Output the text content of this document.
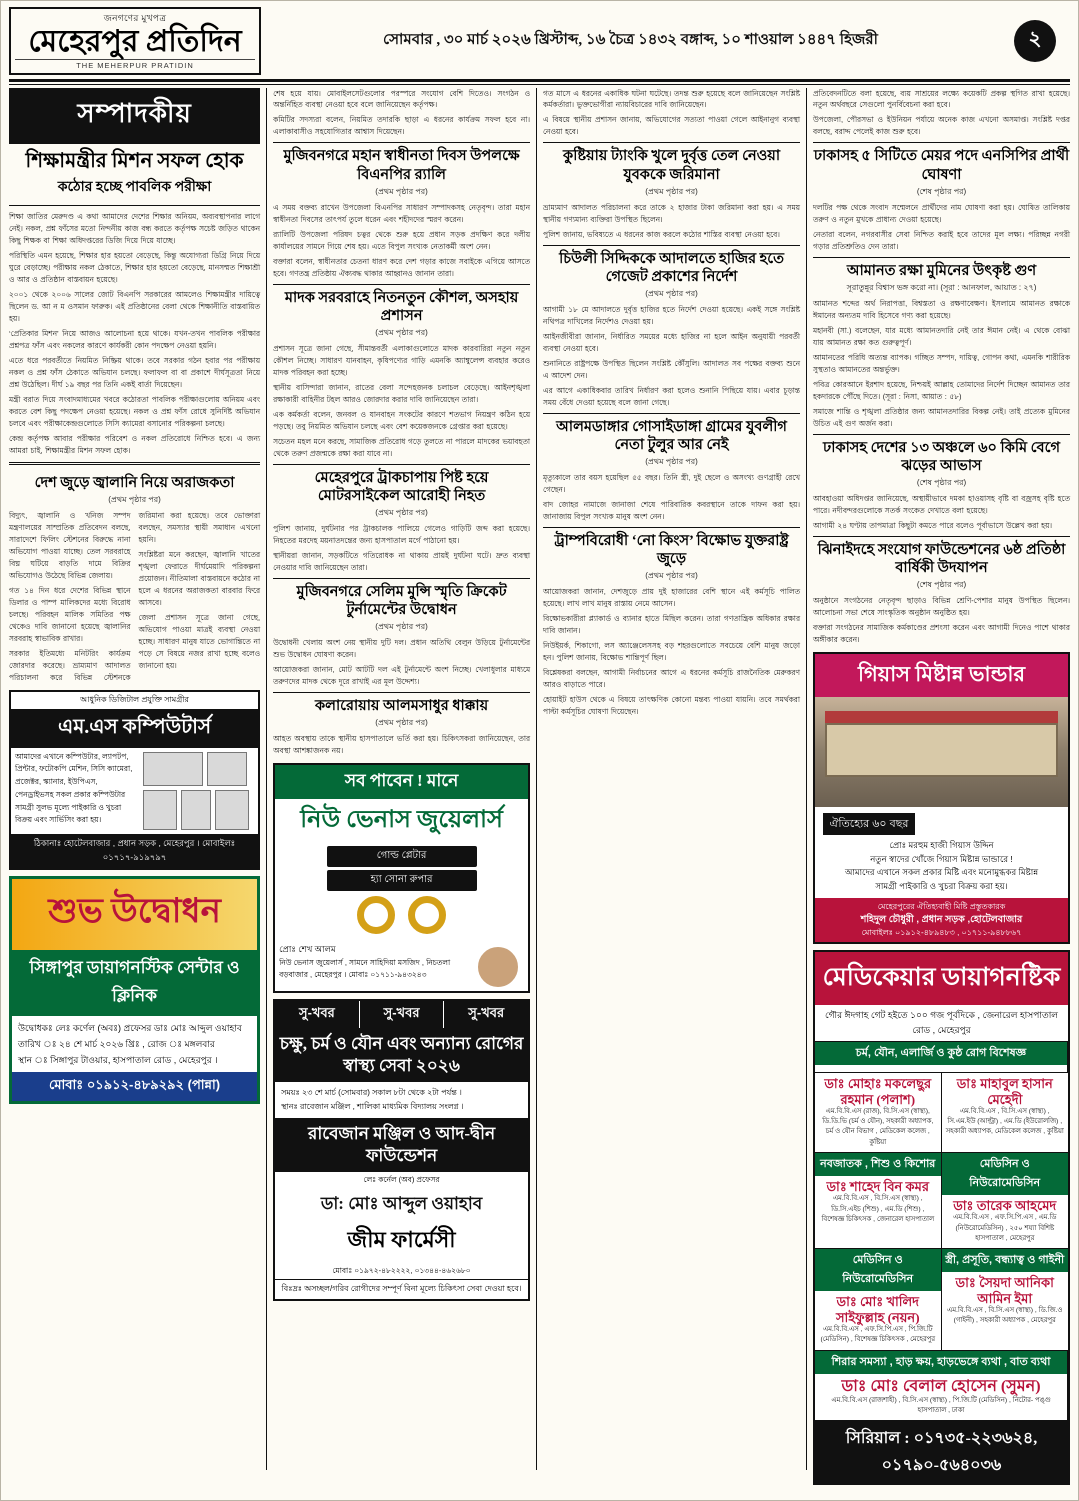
জনগণের মুখপত্র
মেহেরপুর প্রতিদিন
THE MEHERPUR PRATIDIN
সোমবার , ৩০ মার্চ ২০২৬ খ্রিস্টাব্দ, ১৬ চৈত্র ১৪৩২ বঙ্গাব্দ, ১০ শাওয়াল ১৪৪৭ হিজরী	২
সম্পাদকীয়
শিক্ষামন্ত্রীর মিশন সফল হোক
কঠোর হচ্ছে পাবলিক পরীক্ষা

শিক্ষা জাতির মেরুদণ্ড এ কথা আমাদের দেশের শিক্ষার অনিয়ম, অব্যবস্থাপনার লাগে নেই। নকল, প্রশ্ন ফাঁসের মতো নিন্দনীয় কাজ বন্ধ করতে কর্তৃপক্ষ সচেষ্ট জড়িত থাকেন কিছু শিক্ষক বা শিক্ষা অধিদপ্তরের ডিজি দিয়ে দিয়ে যাচ্ছে।

পরিস্থিতি এমন হয়েছে, শিক্ষার হার হয়তো বেড়েছে, কিন্তু অযোগ্যরা ডিগ্রি নিয়ে দিয়ে ঘুরে বেড়াচ্ছে। পরীক্ষায় নকল ঠেকাতে, শিক্ষার হার হয়তো বেড়েছে, মানসম্মত শিক্ষাশ্রী ও আর ও প্রতিষ্ঠান বাস্তবায়ন হয়েছে।

২০০১ থেকে ২০০৬ সালের জোট বিএনপি সরকারের আমলেও শিক্ষামন্ত্রীর দায়িত্বে ছিলেন ড. আ ন ম ওসমান ফারুক। এই প্রতিষ্ঠানের বেলা থেকে শিক্ষানীতি বাস্তবায়িত হয়।

‘প্রেতিকার মিশন’ নিয়ে আজও আলোচনা হয়ে থাকে। যখন-তখন পাবলিক পরীক্ষার প্রশ্নপত্র ফাঁস এবং নকলের কারণে কার্যকরী কোন পদক্ষেপ নেওয়া হয়নি।

এতে ধরে পরবর্তীতে নিয়মিত নিষ্ক্রিয় থাকে। তবে সরকার গঠন হবার পর পরীক্ষায় নকল ও প্রশ্ন ফাঁস ঠেকাতে অভিযান চলছে। ফলাফল বা বা প্রকাশে দীর্ঘসূত্রতা নিয়ে প্রশ্ন উঠেছিল। দীর্ঘ ১৯ বছর পর তিনি একই বার্তা দিয়েছেন।

মন্ত্রী বরাত দিয়ে সংবাদমাধ্যমের খবরে কঠোরতা পাবলিক পরীক্ষাগুলোয় অনিয়ম এবং করতে বেশ কিছু পদক্ষেপ নেওয়া হয়েছে। নকল ও প্রশ্ন ফাঁস রোধে সুনির্দিষ্ট অভিযান চলবে এবং পরীক্ষাকেন্দ্রগুলোতে সিসি ক্যামেরা বসানোর পরিকল্পনা চলছে।

কেন্দ্র কর্তৃপক্ষ আবার পরীক্ষার পরিবেশ ও নকল প্রতিরোধে নিশ্চিত হবে। এ জন্য আমরা চাই, শিক্ষামন্ত্রীর মিশন সফল হোক।

দেশ জুড়ে জ্বালানি নিয়ে অরাজকতা
(প্রথম পৃষ্ঠার পর)

বিদ্যুৎ, জ্বালানি ও খনিজ সম্পদ মন্ত্রণালয়ের সাম্প্রতিক প্রতিবেদন বলছে, সারাদেশে ফিলিং স্টেশনের বিরুদ্ধে নানা অভিযোগ পাওয়া যাচ্ছে। তেল সরবরাহে বিঘ্ন ঘটিয়ে বাড়তি দামে বিক্রির অভিযোগও উঠেছে বিভিন্ন জেলায়।

গত ১৪ দিন ধরে দেশের বিভিন্ন স্থানে ডিলার ও পাম্প মালিকদের মধ্যে বিরোধ চলছে। পরিবহন মালিক সমিতির পক্ষ থেকেও দাবি জানানো হয়েছে জ্বালানির সরবরাহ স্বাভাবিক রাখার।

সরকার ইতিমধ্যে মনিটরিং কার্যক্রম জোরদার করেছে। ভ্রাম্যমাণ আদালত পরিচালনা করে বিভিন্ন স্টেশনকে জরিমানা করা হয়েছে। তবে ভোক্তারা বলছেন, সমস্যার স্থায়ী সমাধান এখনো হয়নি।

সংশ্লিষ্টরা মনে করছেন, জ্বালানি খাতের শৃঙ্খলা ফেরাতে দীর্ঘমেয়াদি পরিকল্পনা প্রয়োজন। নীতিমালা বাস্তবায়নে কঠোর না হলে এ ধরনের অরাজকতা বারবার ফিরে আসবে।

জেলা প্রশাসন সূত্রে জানা গেছে, অভিযোগ পাওয়া মাত্রই ব্যবস্থা নেওয়া হচ্ছে। সাধারণ মানুষ যাতে ভোগান্তিতে না পড়ে সে বিষয়ে নজর রাখা হচ্ছে বলেও জানানো হয়।

আধুনিক ডিজিটাল প্রযুক্তি সামগ্রীর
এম.এস কম্পিউটার্স
আমাদের এখানে কম্পিউটার, ল্যাপটপ, প্রিন্টার, ফটোকপি মেশিন, সিসি ক্যামেরা, প্রজেক্টর, স্ক্যানার, ইউপিএস, পেনড্রাইভসহ সকল প্রকার কম্পিউটার সামগ্রী সুলভ মূল্যে পাইকারি ও খুচরা বিক্রয় এবং সার্ভিসিং করা হয়।
ঠিকানাঃ হোটেলবাজার , প্রধান সড়ক , মেহেরপুর । মোবাইলঃ ০১৭১৭-৯১৯৭৯৭
শুভ উদ্বোধন
সিঙ্গাপুর ডায়াগনস্টিক সেন্টার ও ক্লিনিক
উদ্বোধকঃ লেঃ কর্ণেল (অবঃ) প্রফেসর ডাঃ মোঃ আব্দুল ওয়াহাব
তারিখ ঃ ২৪ শে মার্চ ২০২৬ খ্রিঃ , রোজ ঃ মঙ্গলবার
স্থান ঃ সিঙ্গাপুর টাওয়ার, হাসপাতাল রোড , মেহেরপুর ।
মোবাঃ ০১৯১২-৪৮৯২৯২ (পান্না)

শেষ হয়ে যায়। মোবাইলসেটগুলোর পরস্পরে সংযোগ বেশি দিতেও। সংগঠন ও অন্তর্নিহিত ব্যবস্থা নেওয়া হবে বলে জানিয়েছেন কর্তৃপক্ষ।

কমিটির সদস্যরা বলেন, নিয়মিত তদারকি ছাড়া এ ধরনের কার্যক্রম সফল হবে না। এলাকাবাসীও সহযোগিতার আশ্বাস দিয়েছেন।

মুজিবনগরে মহান স্বাধীনতা দিবস উপলক্ষে বিএনপির র‌্যালি
(প্রথম পৃষ্ঠার পর)

এ সময় বক্তব্য রাখেন উপজেলা বিএনপির সাধারণ সম্পাদকসহ নেতৃবৃন্দ। তারা মহান স্বাধীনতা দিবসের তাৎপর্য তুলে ধরেন এবং শহীদদের স্মরণ করেন।

র‌্যালিটি উপজেলা পরিষদ চত্বর থেকে শুরু হয়ে প্রধান সড়ক প্রদক্ষিণ করে দলীয় কার্যালয়ের সামনে গিয়ে শেষ হয়। এতে বিপুল সংখ্যক নেতাকর্মী অংশ নেন।

বক্তারা বলেন, স্বাধীনতার চেতনা ধারণ করে দেশ গড়ার কাজে সবাইকে এগিয়ে আসতে হবে। গণতন্ত্র প্রতিষ্ঠায় ঐক্যবদ্ধ থাকার আহ্বানও জানান তারা।

মাদক সরবরাহে নিতনতুন কৌশল, অসহায় প্রশাসন
(প্রথম পৃষ্ঠার পর)

প্রশাসন সূত্রে জানা গেছে, সীমান্তবর্তী এলাকাগুলোতে মাদক কারবারিরা নতুন নতুন কৌশল নিচ্ছে। সাধারণ যানবাহন, কৃষিপণ্যের গাড়ি এমনকি অ্যাম্বুলেন্স ব্যবহার করেও মাদক পরিবহন করা হচ্ছে।

স্থানীয় বাসিন্দারা জানান, রাতের বেলা সন্দেহজনক চলাচল বেড়েছে। আইনশৃঙ্খলা রক্ষাকারী বাহিনীর টহল আরও জোরদার করার দাবি জানিয়েছেন তারা।

এক কর্মকর্তা বলেন, জনবল ও যানবাহন সংকটের কারণে শতভাগ নিয়ন্ত্রণ কঠিন হয়ে পড়ছে। তবু নিয়মিত অভিযান চলছে এবং বেশ কয়েকজনকে গ্রেপ্তার করা হয়েছে।

সচেতন মহল মনে করছে, সামাজিক প্রতিরোধ গড়ে তুলতে না পারলে মাদকের ভয়াবহতা থেকে তরুণ প্রজন্মকে রক্ষা করা যাবে না।

মেহেরপুরে ট্রাকচাপায় পিষ্ট হয়ে মোটরসাইকেল আরোহী নিহত
(প্রথম পৃষ্ঠার পর)

পুলিশ জানায়, দুর্ঘটনার পর ট্রাকচালক পালিয়ে গেলেও গাড়িটি জব্দ করা হয়েছে। নিহতের মরদেহ ময়নাতদন্তের জন্য হাসপাতাল মর্গে পাঠানো হয়।

স্থানীয়রা জানান, সড়কটিতে গতিরোধক না থাকায় প্রায়ই দুর্ঘটনা ঘটে। দ্রুত ব্যবস্থা নেওয়ার দাবি জানিয়েছেন তারা।

মুজিবনগরে সেলিম মুন্সি স্মৃতি ক্রিকেট টুর্নামেন্টের উদ্বোধন
(প্রথম পৃষ্ঠার পর)

উদ্বোধনী খেলায় অংশ নেয় স্থানীয় দুটি দল। প্রধান অতিথি বেলুন উড়িয়ে টুর্নামেন্টের শুভ উদ্বোধন ঘোষণা করেন।

আয়োজকরা জানান, মোট আটটি দল এই টুর্নামেন্টে অংশ নিচ্ছে। খেলাধুলার মাধ্যমে তরুণদের মাদক থেকে দূরে রাখাই এর মূল উদ্দেশ্য।

কলারোয়ায় আলমসাধুর ধাক্কায়
(প্রথম পৃষ্ঠার পর)

আহত অবস্থায় তাকে স্থানীয় হাসপাতালে ভর্তি করা হয়। চিকিৎসকরা জানিয়েছেন, তার অবস্থা আশঙ্কাজনক নয়।

সব পাবেন ! মানে
নিউ ভেনাস জুয়েলার্স
গোল্ড প্লেটার
হ্যা সোনা রুপার

প্রোঃ শেখ আলম
নিউ ভেনাস জুয়েলার্স , সামনে সাহিদিয়া মসজিদ , নিচতলা বড়বাজার , মেহেরপুর । মোবাঃ ০১৭১১-৯৪৩২৪৩
সু-খবর	সু-খবর	সু-খবর
চক্ষু, চর্ম ও যৌন এবং অন্যান্য রোগের স্বাস্থ্য সেবা ২০২৬
সময়ঃ ২৩ শে মার্চ (সোমবার) সকাল ৮টা থেকে ২টা পর্যন্ত ।
স্থানঃ রাবেজান মঞ্জিল , শালিকা মাধ্যমিক বিদ্যালয় সংলগ্ন ।
রাবেজান মঞ্জিল ও আদ-দ্বীন ফাউন্ডেশন
লেঃ কর্নেল (অব) প্রফেসর
ডা: মোঃ আব্দুল ওয়াহাব
জীম ফার্মেসী
মোবাঃ ০১৯৭২-৪৮২২২২, ০১৩৪৪-৪৬২৬৮০
বিঃদ্রঃ অসচ্ছল/গরিব রোগীদের সম্পূর্ণ বিনা মূল্যে চিকিৎসা সেবা দেওয়া হবে।

গত মাসে এ ধরনের একাধিক ঘটনা ঘটেছে। তদন্ত শুরু হয়েছে বলে জানিয়েছেন সংশ্লিষ্ট কর্মকর্তারা। ভুক্তভোগীরা ন্যায়বিচারের দাবি জানিয়েছেন।

এ বিষয়ে স্থানীয় প্রশাসন জানায়, অভিযোগের সত্যতা পাওয়া গেলে আইনানুগ ব্যবস্থা নেওয়া হবে।

কুষ্টিয়ায় ট্যাংকি খুলে দুর্বৃত্ত তেল নেওয়া যুবককে জরিমানা
(প্রথম পৃষ্ঠার পর)

ভ্রাম্যমাণ আদালত পরিচালনা করে তাকে ২ হাজার টাকা জরিমানা করা হয়। এ সময় স্থানীয় গণ্যমান্য ব্যক্তিরা উপস্থিত ছিলেন।

পুলিশ জানায়, ভবিষ্যতে এ ধরনের কাজ করলে কঠোর শাস্তির ব্যবস্থা নেওয়া হবে।

চিউলী সিদ্দিককে আদালতে হাজির হতে গেজেট প্রকাশের নির্দেশ
(প্রথম পৃষ্ঠার পর)

আগামী ১৮ মে আদালতে দুর্বৃত্ত হাজির হতে নির্দেশ দেওয়া হয়েছে। একই সঙ্গে সংশ্লিষ্ট নথিপত্র দাখিলের নির্দেশও দেওয়া হয়।

আইনজীবীরা জানান, নির্ধারিত সময়ের মধ্যে হাজির না হলে আইন অনুযায়ী পরবর্তী ব্যবস্থা নেওয়া হবে।

শুনানিতে রাষ্ট্রপক্ষে উপস্থিত ছিলেন সংশ্লিষ্ট কৌঁসুলি। আদালত সব পক্ষের বক্তব্য শুনে এ আদেশ দেন।

এর আগে একাধিকবার তারিখ নির্ধারণ করা হলেও শুনানি পিছিয়ে যায়। এবার চূড়ান্ত সময় বেঁধে দেওয়া হয়েছে বলে জানা গেছে।

আলমডাঙ্গার গোসাইডাঙ্গা গ্রামের যুবলীগ নেতা টুলুর আর নেই
(প্রথম পৃষ্ঠার পর)

মৃত্যুকালে তার বয়স হয়েছিল ৫৫ বছর। তিনি স্ত্রী, দুই ছেলে ও অসংখ্য গুণগ্রাহী রেখে গেছেন।

বাদ জোহর নামাজে জানাজা শেষে পারিবারিক কবরস্থানে তাকে দাফন করা হয়। জানাজায় বিপুল সংখ্যক মানুষ অংশ নেন।

ট্রাম্পবিরোধী ‘নো কিংস’ বিক্ষোভ যুক্তরাষ্ট্র জুড়ে
(প্রথম পৃষ্ঠার পর)

আয়োজকরা জানান, দেশজুড়ে প্রায় দুই হাজারের বেশি স্থানে এই কর্মসূচি পালিত হয়েছে। লাখ লাখ মানুষ রাস্তায় নেমে আসেন।

বিক্ষোভকারীরা প্ল্যাকার্ড ও ব্যানার হাতে মিছিল করেন। তারা গণতান্ত্রিক অধিকার রক্ষার দাবি জানান।

নিউইয়র্ক, শিকাগো, লস অ্যাঞ্জেলেসসহ বড় শহরগুলোতে সবচেয়ে বেশি মানুষ জড়ো হন। পুলিশ জানায়, বিক্ষোভ শান্তিপূর্ণ ছিল।

বিশ্লেষকরা বলছেন, আগামী নির্বাচনের আগে এ ধরনের কর্মসূচি রাজনৈতিক মেরুকরণ আরও বাড়াতে পারে।

হোয়াইট হাউস থেকে এ বিষয়ে তাৎক্ষণিক কোনো মন্তব্য পাওয়া যায়নি। তবে সমর্থকরা পাল্টা কর্মসূচির ঘোষণা দিয়েছেন।

প্রতিবেদনটিতে বলা হয়েছে, ব্যয় সাশ্রয়ের লক্ষ্যে কয়েকটি প্রকল্প স্থগিত রাখা হয়েছে। নতুন অর্থবছরে সেগুলো পুনর্বিবেচনা করা হবে।

উপজেলা, পৌরসভা ও ইউনিয়ন পর্যায়ে অনেক কাজ এখনো অসমাপ্ত। সংশ্লিষ্ট দপ্তর বলছে, বরাদ্দ পেলেই কাজ শুরু হবে।

ঢাকাসহ ৫ সিটিতে মেয়র পদে এনসিপির প্রার্থী ঘোষণা
(শেষ পৃষ্ঠার পর)

দলটির পক্ষ থেকে সংবাদ সম্মেলনে প্রার্থীদের নাম ঘোষণা করা হয়। ঘোষিত তালিকায় তরুণ ও নতুন মুখকে প্রাধান্য দেওয়া হয়েছে।

নেতারা বলেন, নগরবাসীর সেবা নিশ্চিত করাই হবে তাদের মূল লক্ষ্য। পরিচ্ছন্ন নগরী গড়ার প্রতিশ্রুতিও দেন তারা।

আমানত রক্ষা মুমিনের উৎকৃষ্ট গুণ
সূরাতুন্নূর বিশ্বাস ভঙ্গ করো না। (সূরা : আনফাল, আয়াত : ২৭)

আমানত শব্দের অর্থ নিরাপত্তা, বিশ্বস্ততা ও রক্ষণাবেক্ষণ। ইসলামে আমানত রক্ষাকে ঈমানের অন্যতম দাবি হিসেবে গণ্য করা হয়েছে।

মহানবী (সা.) বলেছেন, যার মধ্যে আমানতদারি নেই তার ঈমান নেই। এ থেকে বোঝা যায় আমানত রক্ষা কত গুরুত্বপূর্ণ।

আমানতের পরিধি অত্যন্ত ব্যাপক। গচ্ছিত সম্পদ, দায়িত্ব, গোপন কথা, এমনকি শারীরিক সুস্থতাও আমানতের অন্তর্ভুক্ত।

পবিত্র কোরআনে ইরশাদ হয়েছে, নিশ্চয়ই আল্লাহ তোমাদের নির্দেশ দিচ্ছেন আমানত তার হকদারকে পৌঁছে দিতে। (সূরা : নিসা, আয়াত : ৫৮)

সমাজে শান্তি ও শৃঙ্খলা প্রতিষ্ঠার জন্য আমানতদারির বিকল্প নেই। তাই প্রত্যেক মুমিনের উচিত এই গুণ অর্জন করা।

ঢাকাসহ দেশের ১৩ অঞ্চলে ৬০ কিমি বেগে ঝড়ের আভাস
(শেষ পৃষ্ঠার পর)

আবহাওয়া অধিদপ্তর জানিয়েছে, অস্থায়ীভাবে দমকা হাওয়াসহ বৃষ্টি বা বজ্রসহ বৃষ্টি হতে পারে। নদীবন্দরগুলোকে সতর্ক সংকেত দেখাতে বলা হয়েছে।

আগামী ২৪ ঘণ্টায় তাপমাত্রা কিছুটা কমতে পারে বলেও পূর্বাভাসে উল্লেখ করা হয়।

ঝিনাইদহে সংযোগ ফাউন্ডেশনের ৬ষ্ঠ প্রতিষ্ঠা বার্ষিকী উদযাপন
(শেষ পৃষ্ঠার পর)

অনুষ্ঠানে সংগঠনের নেতৃবৃন্দ ছাড়াও বিভিন্ন শ্রেণি-পেশার মানুষ উপস্থিত ছিলেন। আলোচনা সভা শেষে সাংস্কৃতিক অনুষ্ঠান অনুষ্ঠিত হয়।

বক্তারা সংগঠনের সামাজিক কর্মকাণ্ডের প্রশংসা করেন এবং আগামী দিনেও পাশে থাকার অঙ্গীকার করেন।

গিয়াস মিষ্টান্ন ভান্ডার
ঐতিহ্যের ৬০ বছর
প্রোঃ মরহুম হাজী গিয়াস উদ্দিন
নতুন স্বাদের খোঁজে গিয়াস মিষ্টান্ন ভান্ডারে !
আমাদের এখানে সকল প্রকার মিষ্টি এবং মনোমুগ্ধকর মিষ্টান্ন
সামগ্রী পাইকারি ও খুচরা বিক্রয় করা হয়।
মেহেরপুরের ঐতিহ্যবাহী মিষ্টি প্রস্তুতকারক
শহিদুল চৌধুরী , প্রধান সড়ক ,হোটেলবাজার
মোবাইলঃ ০১৯১২-৪৮৯৪৮৩ , ০১৭১১-৯৪৮৮৬৭
মেডিকেয়ার ডায়াগনষ্টিক
গৌর ঈদগাহ গেট হইতে ১০০ গজ পূর্বদিকে , জেনারেল হাসপাতাল রোড , মেহেরপুর
চর্ম, যৌন, এলার্জি ও কুষ্ঠ রোগ বিশেষজ্ঞ
ডাঃ মোহাঃ মকলেছুর রহমান (পলাশ)
এম.বি.বি.এস (রাজ), বি.সি.এস (স্বাস্থ্য), ডি.ডি.ভি (চর্ম ও যৌন), সহকারী অধ্যাপক, চর্ম ও যৌন বিভাগ , মেডিকেল কলেজ , কুষ্টিয়া
ডাঃ মাহাবুল হাসান মেহেদী
এম.বি.বি.এস , বি.সি.এস (স্বাস্থ্য) , সি.এম.ইউ (আল্ট্রা) , এম.ডি (ইউরোলজি) , সহকারী অধ্যাপক, মেডিকেল কলেজ , কুষ্টিয়া
নবজাতক , শিশু ও কিশোর
ডাঃ শাহেদ বিন কমর
এম.বি.বি.এস , বি.সি.এস (স্বাস্থ্য) , ডি.সি.এইচ (শিশু) , এম.ডি (শিশু) , বিশেষজ্ঞ চিকিৎসক , জেনারেল হাসপাতাল
মেডিসিন ও নিউরোমেডিসিন
ডাঃ তারেক আহমেদ
এম.বি.বি.এস , এফ.সি.পি.এস , এম.ডি (নিউরোমেডিসিন) , ২৫০ শয্যা বিশিষ্ট হাসপাতাল , মেহেরপুর
মেডিসিন ও নিউরোমেডিসিন
ডাঃ মোঃ খালিদ সাইফুল্লাহ (নয়ন)
এম.বি.বি.এস , এফ.সি.পি.এস , পি.জি.টি (মেডিসিন) , বিশেষজ্ঞ চিকিৎসক , মেহেরপুর
স্ত্রী, প্রসূতি, বন্ধ্যাত্ব ও গাইনী
ডাঃ সৈয়দা আনিকা আমিন ইমা
এম.বি.বি.এস , বি.সি.এস (স্বাস্থ্য) , ডি.জি.ও (গাইনী) , সহকারী অধ্যাপক , মেহেরপুর
শিরার সমস্যা , হাড় ক্ষয়, হাড়ভেঙ্গে ব্যথা , বাত ব্যথা
ডাঃ মোঃ বেলাল হোসেন (সুমন)
এম.বি.বি.এস (রাজশাহী) , বি.সি.এস (স্বাস্থ্য) , পি.জি.টি (মেডিসিন) , নিটোর- পঙ্গু হাসপাতাল , ঢাকা
সিরিয়াল : ০১৭৩৫-২২৩৬২৪, ০১৭৯০-৫৬৪০৩৬
